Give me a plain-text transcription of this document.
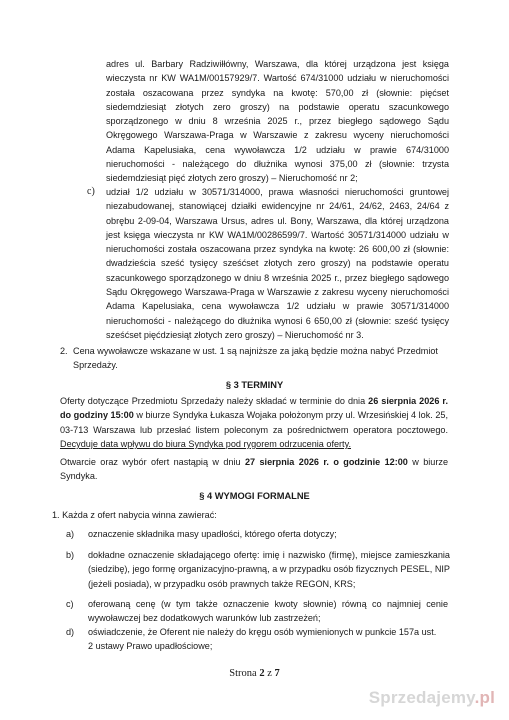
adres ul. Barbary Radziwiłłówny, Warszawa, dla której urządzona jest księga wieczysta nr KW WA1M/00157929/7. Wartość 674/31000 udziału w nieruchomości została oszacowana przez syndyka na kwotę: 570,00 zł (słownie: pięćset siedemdziesiąt złotych zero groszy) na podstawie operatu szacunkowego sporządzonego w dniu 8 września 2025 r., przez biegłego sądowego Sądu Okręgowego Warszawa-Praga w Warszawie z zakresu wyceny nieruchomości Adama Kapelusiaka, cena wywoławcza 1/2 udziału w prawie 674/31000 nieruchomości - należącego do dłużnika wynosi 375,00 zł (słownie: trzysta siedemdziesiąt pięć złotych zero groszy) – Nieruchomość nr 2;

c) udział 1/2 udziału w 30571/314000, prawa własności nieruchomości gruntowej niezabudowanej, stanowiącej działki ewidencyjne nr 24/61, 24/62, 2463, 24/64 z obrębu 2-09-04, Warszawa Ursus, adres ul. Bony, Warszawa, dla której urządzona jest księga wieczysta nr KW WA1M/00286599/7. Wartość 30571/314000 udziału w nieruchomości została oszacowana przez syndyka na kwotę: 26 600,00 zł (słownie: dwadzieścia sześć tysięcy sześćset złotych zero groszy) na podstawie operatu szacunkowego sporządzonego w dniu 8 września 2025 r., przez biegłego sądowego Sądu Okręgowego Warszawa-Praga w Warszawie z zakresu wyceny nieruchomości Adama Kapelusiaka, cena wywoławcza 1/2 udziału w prawie 30571/314000 nieruchomości - należącego do dłużnika wynosi 6 650,00 zł (słownie: sześć tysięcy sześćset pięćdziesiąt złotych zero groszy) – Nieruchomość nr 3.

2. Cena wywoławcze wskazane w ust. 1 są najniższe za jaką będzie można nabyć Przedmiot Sprzedaży.

§ 3 TERMINY

Oferty dotyczące Przedmiotu Sprzedaży należy składać w terminie do dnia 26 sierpnia 2026 r. do godziny 15:00 w biurze Syndyka Łukasza Wojaka położonym przy ul. Wrzesińskiej 4 lok. 25, 03-713 Warszawa lub przesłać listem poleconym za pośrednictwem operatora pocztowego. Decyduje data wpływu do biura Syndyka pod rygorem odrzucenia oferty.

Otwarcie oraz wybór ofert nastąpią w dniu 27 sierpnia 2026 r. o godzinie 12:00 w biurze Syndyka.

§ 4 WYMOGI FORMALNE

1. Każda z ofert nabycia winna zawierać:

a) oznaczenie składnika masy upadłości, którego oferta dotyczy;

b) dokładne oznaczenie składającego ofertę: imię i nazwisko (firmę), miejsce zamieszkania (siedzibę), jego formę organizacyjno-prawną, a w przypadku osób fizycznych PESEL, NIP (jeżeli posiada), w przypadku osób prawnych także REGON, KRS;

c) oferowaną cenę (w tym także oznaczenie kwoty słownie) równą co najmniej cenie wywoławczej bez dodatkowych warunków lub zastrzeżeń;

d) oświadczenie, że Oferent nie należy do kręgu osób wymienionych w punkcie 157a ust. 2 ustawy Prawo upadłościowe;

Strona 2 z 7
Sprzedajemy.pl
